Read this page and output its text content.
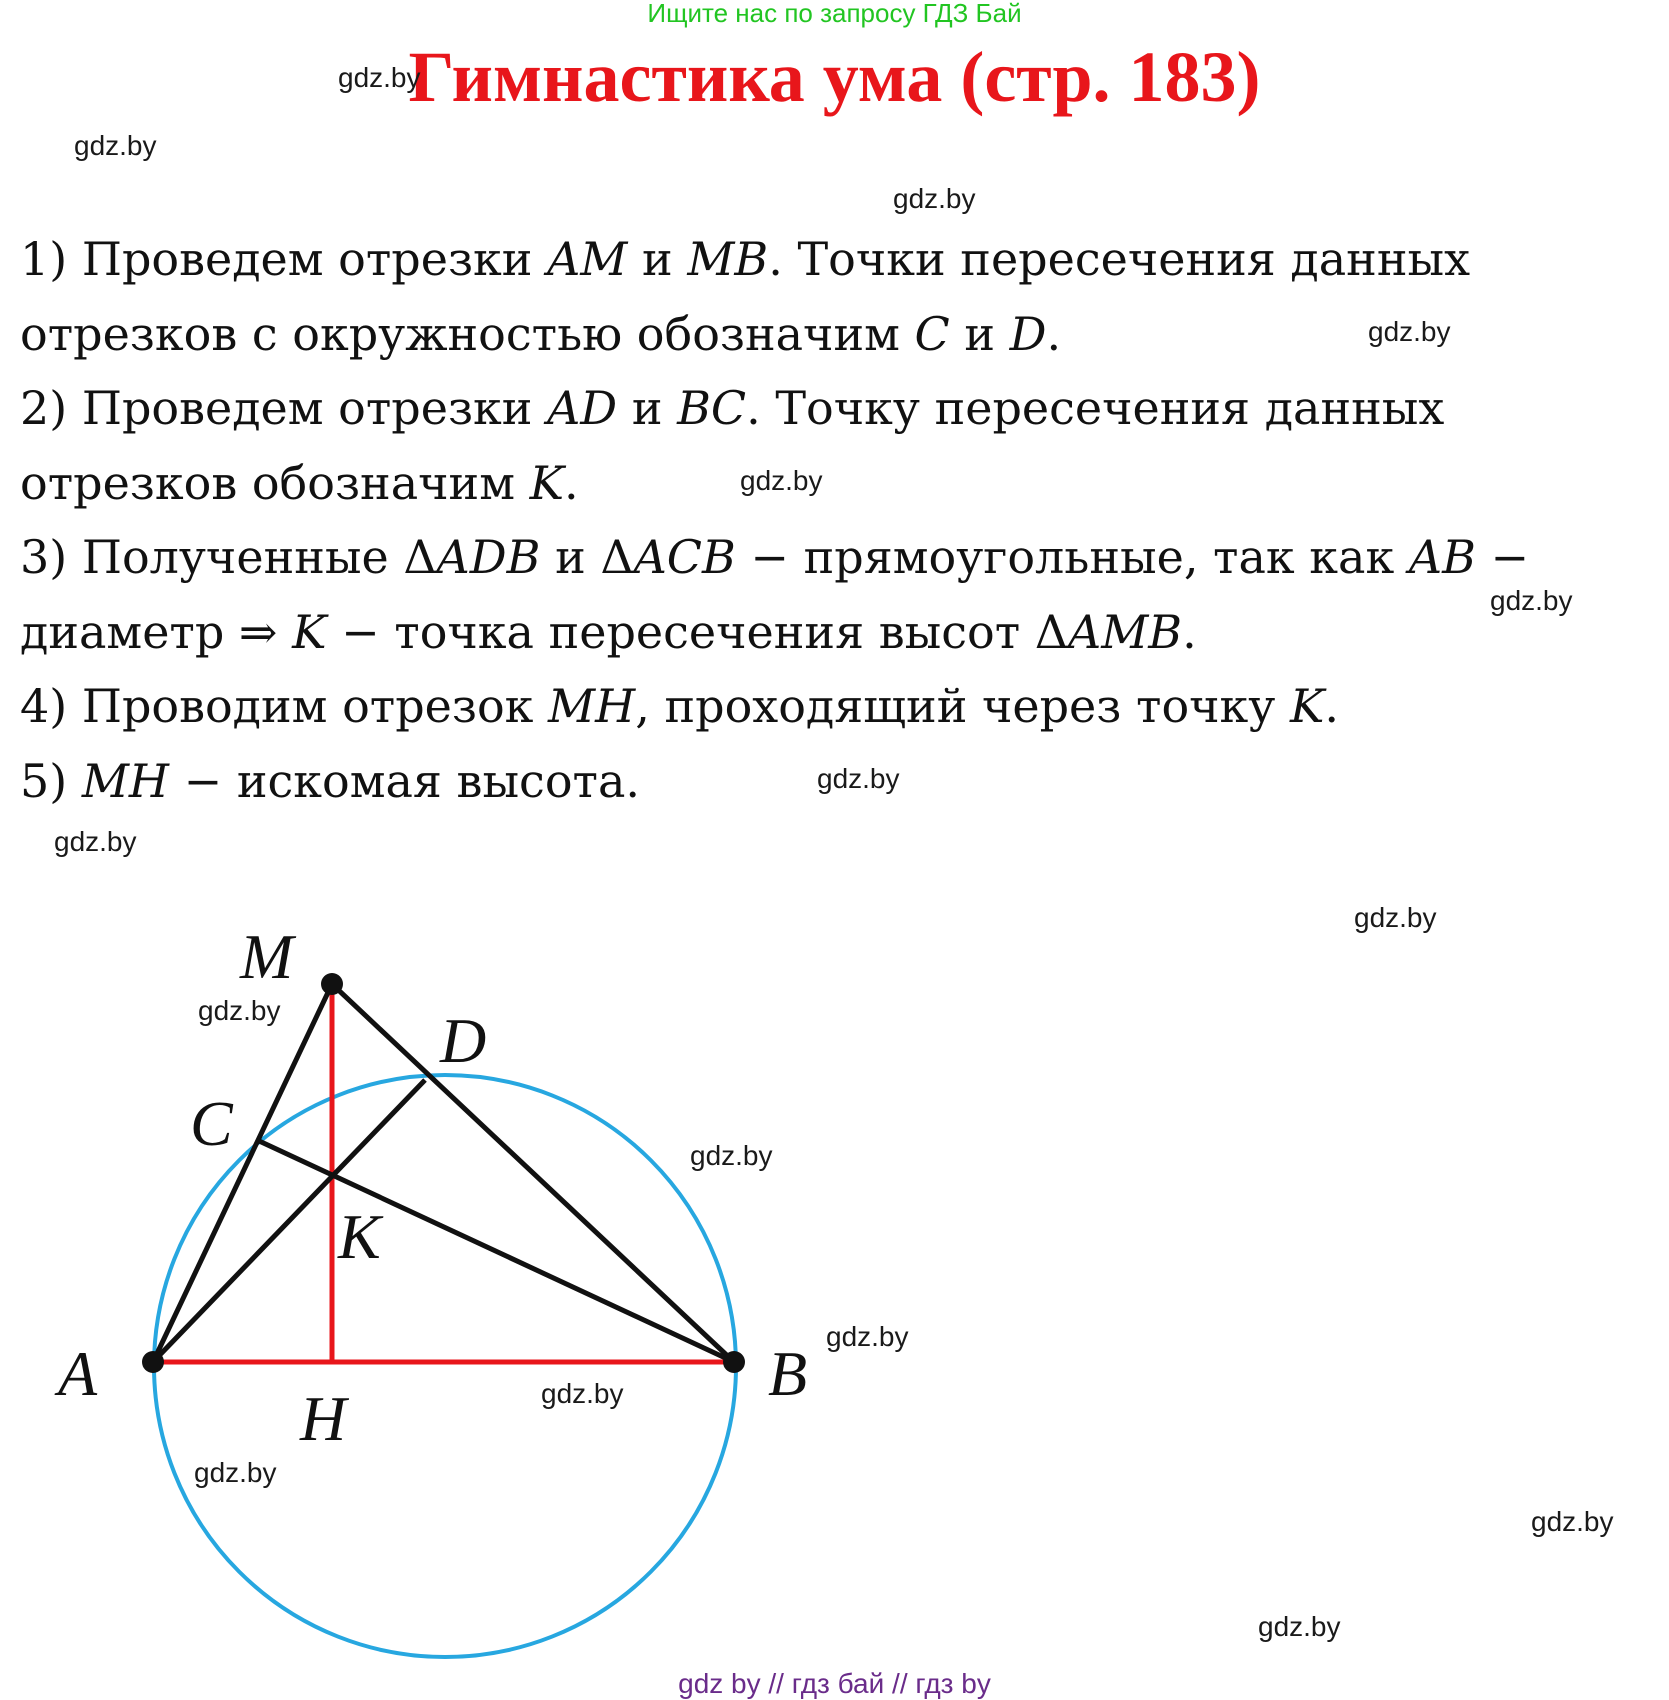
Ищите нас по запросу ГДЗ Бай
Гимнастика ума (стр. 183)
1) Проведем отрезки 𝐴𝑀 и 𝑀𝐵. Точки пересечения данных
отрезков с окружностью обозначим 𝐶 и 𝐷.
2) Проведем отрезки 𝐴𝐷 и 𝐵𝐶. Точку пересечения данных
отрезков обозначим 𝐾.
3) Полученные Δ𝐴𝐷𝐵 и Δ𝐴𝐶𝐵 − прямоугольные, так как 𝐴𝐵 −
диаметр ⇒ 𝐾 − точка пересечения высот Δ𝐴𝑀𝐵.
4) Проводим отрезок 𝑀𝐻, проходящий через точку 𝐾.
5) 𝑀𝐻 − искомая высота.
gdz.by
gdz.by
gdz.by
gdz.by
gdz.by
gdz.by
gdz.by
gdz.by
gdz.by
gdz.by
gdz.by
gdz.by
gdz.by
gdz.by
gdz.by
gdz.by
M
D
C
K
A	B
H
gdz by // гдз бай // гдз by
